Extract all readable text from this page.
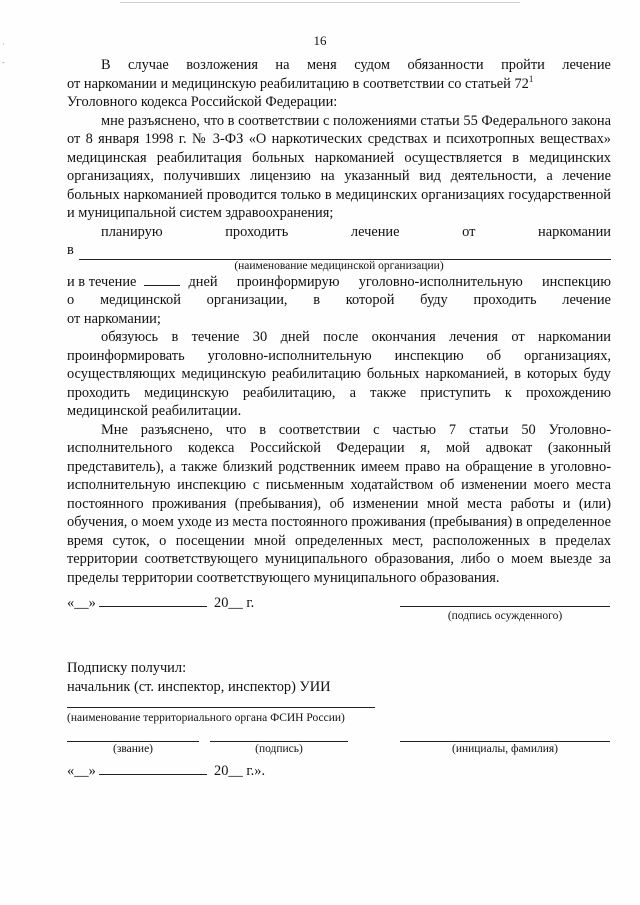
·

‐
16
В случае возложения на меня судом обязанности пройти лечение
от наркомании и медицинскую реабилитацию в соответствии со статьей $72^1$
Уголовного кодекса Российской Федерации:

мне разъяснено, что в соответствии с положениями статьи 55 Федерального закона от 8 января 1998 г. № 3-ФЗ «О наркотических средствах и психотропных веществах» медицинская реабилитация больных наркоманией осуществляется в медицинских организациях, получивших лицензию на указанный вид деятельности, а лечение больных наркоманией проводится только в медицинских организациях государственной и муниципальной систем здравоохранения;

планирую	проходить	лечение	от	наркомании
в
(наименование медицинской организации)
и в течение	дней проинформирую уголовно-исполнительную инспекцию
о медицинской организации, в которой буду проходить лечение
от наркомании;

обязуюсь в течение 30 дней после окончания лечения от наркомании проинформировать уголовно-исполнительную инспекцию об организациях, осуществляющих медицинскую реабилитацию больных наркоманией, в которых буду проходить медицинскую реабилитацию, а также приступить к прохождению медицинской реабилитации.

Мне разъяснено, что в соответствии с частью 7 статьи 50 Уголовно-исполнительного кодекса Российской Федерации я, мой адвокат (законный представитель), а также близкий родственник имеем право на обращение в уголовно-исполнительную инспекцию с письменным ходатайством об изменении моего места постоянного проживания (пребывания), об изменении мной места работы и (или) обучения, о моем уходе из места постоянного проживания (пребывания) в определенное время суток, о посещении мной определенных мест, расположенных в пределах территории соответствующего муниципального образования, либо о моем выезде за пределы территории соответствующего муниципального образования.

«__»	20__ г.
(подпись осужденного)
Подписку получил:
начальник (ст. инспектор, инспектор) УИИ
(наименование территориального органа ФСИН России)
(звание)	(подпись)	(инициалы, фамилия)
«__»	20__ г.».
